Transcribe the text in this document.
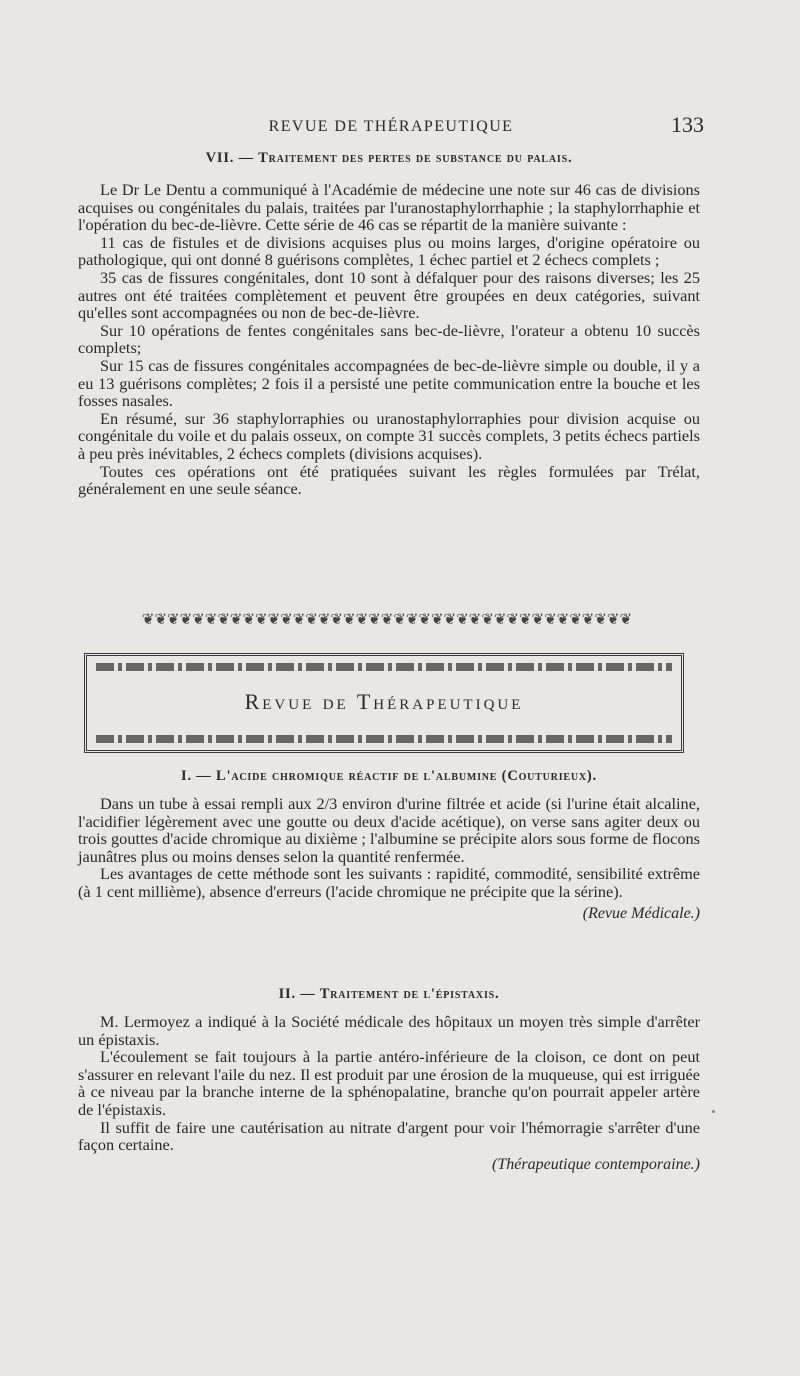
REVUE DE THÉRAPEUTIQUE	133
VII. — Traitement des pertes de substance du palais.

Le Dr Le Dentu a communiqué à l'Académie de médecine une note sur 46 cas de divisions acquises ou congénitales du palais, traitées par l'uranostaphylorrhaphie ; la staphylorrhaphie et l'opération du bec-de-lièvre. Cette série de 46 cas se répartit de la manière suivante :

11 cas de fistules et de divisions acquises plus ou moins larges, d'origine opératoire ou pathologique, qui ont donné 8 guérisons complètes, 1 échec partiel et 2 échecs complets ;

35 cas de fissures congénitales, dont 10 sont à défalquer pour des raisons diverses; les 25 autres ont été traitées complètement et peuvent être groupées en deux catégories, suivant qu'elles sont accompagnées ou non de bec-de-lièvre.

Sur 10 opérations de fentes congénitales sans bec-de-lièvre, l'orateur a obtenu 10 succès complets;

Sur 15 cas de fissures congénitales accompagnées de bec-de-lièvre simple ou double, il y a eu 13 guérisons complètes; 2 fois il a persisté une petite communication entre la bouche et les fosses nasales.

En résumé, sur 36 staphylorraphies ou uranostaphylorraphies pour division acquise ou congénitale du voile et du palais osseux, on compte 31 succès complets, 3 petits échecs partiels à peu près inévitables, 2 échecs complets (divisions acquises).

Toutes ces opérations ont été pratiquées suivant les règles formulées par Trélat, généralement en une seule séance.

❦❦❦❦❦❦❦❦❦❦❦❦❦❦❦❦❦❦❦❦❦❦❦❦❦❦❦❦❦❦❦❦❦❦❦❦❦❦❦
Revue de Thérapeutique
I. — L'acide chromique réactif de l'albumine (Couturieux).

Dans un tube à essai rempli aux 2/3 environ d'urine filtrée et acide (si l'urine était alcaline, l'acidifier légèrement avec une goutte ou deux d'acide acétique), on verse sans agiter deux ou trois gouttes d'acide chromique au dixième ; l'albumine se précipite alors sous forme de flocons jaunâtres plus ou moins denses selon la quantité renfermée.

Les avantages de cette méthode sont les suivants : rapidité, commodité, sensibilité extrême (à 1 cent millième), absence d'erreurs (l'acide chromique ne précipite que la sérine).

(Revue Médicale.)

II. — Traitement de l'épistaxis.

M. Lermoyez a indiqué à la Société médicale des hôpitaux un moyen très simple d'arrêter un épistaxis.

L'écoulement se fait toujours à la partie antéro-inférieure de la cloison, ce dont on peut s'assurer en relevant l'aile du nez. Il est produit par une érosion de la muqueuse, qui est irriguée à ce niveau par la branche interne de la sphénopalatine, branche qu'on pourrait appeler artère de l'épistaxis.

Il suffit de faire une cautérisation au nitrate d'argent pour voir l'hémorragie s'arrêter d'une façon certaine.

(Thérapeutique contemporaine.)
